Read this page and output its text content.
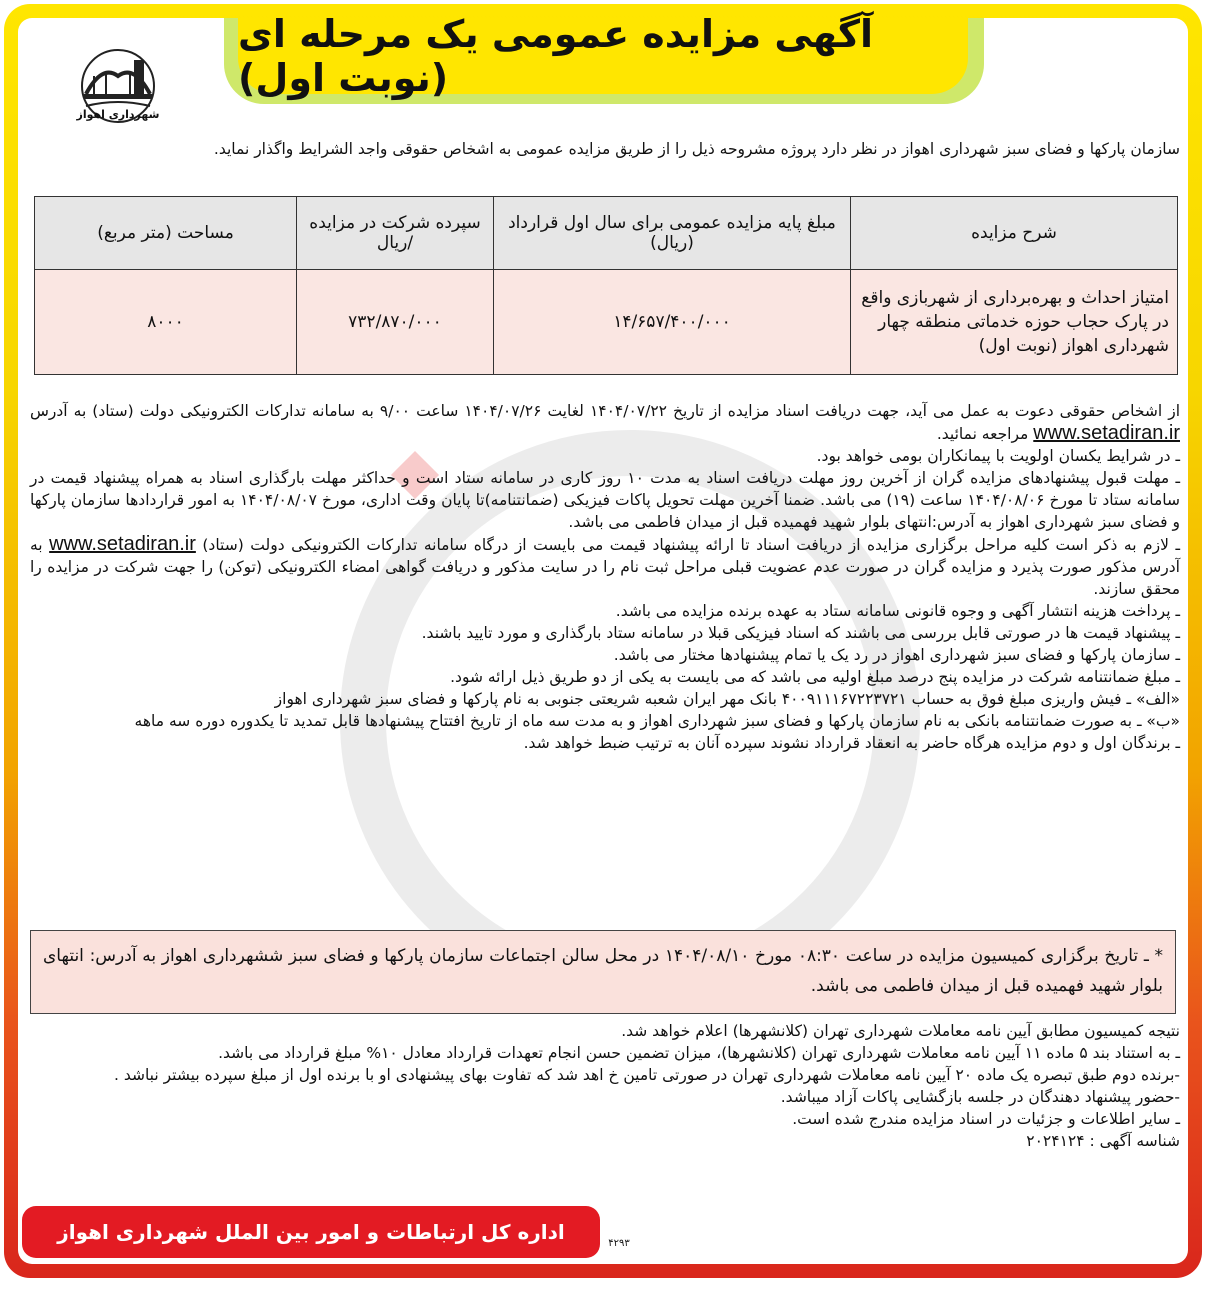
آگهی مزایده عمومی یک مرحله ای (نوبت اول)
شهرداری اهواز
سازمان پارکها و فضای سبز شهرداری اهواز در نظر دارد پروژه مشروحه ذیل را از طریق مزایده عمومی به اشخاص حقوقی واجد الشرایط واگذار نماید.
شرح مزایده	مبلغ پایه مزایده عمومی برای سال اول قرارداد (ریال)	سپرده شرکت در مزایده /ریال	مساحت (متر مربع)
امتیاز احداث و بهره‌برداری از شهربازی واقع در پارک حجاب حوزه خدماتی منطقه چهار شهرداری اهواز (نوبت اول)	۱۴/۶۵۷/۴۰۰/۰۰۰	۷۳۲/۸۷۰/۰۰۰	۸۰۰۰

از اشخاص حقوقی دعوت به عمل می آید، جهت دریافت اسناد مزایده از تاریخ ۱۴۰۴/۰۷/۲۲ لغایت ۱۴۰۴/۰۷/۲۶ ساعت ۹/۰۰ به سامانه تدارکات الکترونیکی دولت (ستاد) به آدرس www.setadiran.ir مراجعه نمائید.

ـ در شرایط یکسان اولویت با پیمانکاران بومی خواهد بود.

ـ مهلت قبول پیشنهادهای مزایده گران از آخرین روز مهلت دریافت اسناد به مدت ۱۰ روز کاری در سامانه ستاد است و حداکثر مهلت بارگذاری اسناد به همراه پیشنهاد قیمت در سامانه ستاد تا مورخ ۱۴۰۴/۰۸/۰۶ ساعت (۱۹) می باشد. ضمنا آخرین مهلت تحویل پاکات فیزیکی (ضمانتنامه)تا پایان وقت اداری، مورخ ۱۴۰۴/۰۸/۰۷ به امور قراردادها سازمان پارکها و فضای سبز شهرداری اهواز به آدرس:انتهای بلوار شهید فهمیده قبل از میدان فاطمی می باشد.

ـ لازم به ذکر است کلیه مراحل برگزاری مزایده از دریافت اسناد تا ارائه پیشنهاد قیمت می بایست از درگاه سامانه تدارکات الکترونیکی دولت (ستاد) www.setadiran.ir به آدرس مذکور صورت پذیرد و مزایده گران در صورت عدم عضویت قبلی مراحل ثبت نام را در سایت مذکور و دریافت گواهی امضاء الکترونیکی (توکن) را جهت شرکت در مزایده را محقق سازند.

ـ پرداخت هزینه انتشار آگهی و وجوه قانونی سامانه ستاد به عهده برنده مزایده می باشد.

ـ پیشنهاد قیمت ها در صورتی قابل بررسی می باشند که اسناد فیزیکی قبلا در سامانه ستاد بارگذاری و مورد تایید باشند.

ـ سازمان پارکها و فضای سبز شهرداری اهواز در رد یک یا تمام پیشنهادها مختار می باشد.

ـ مبلغ ضمانتنامه شرکت در مزایده پنج درصد مبلغ اولیه می باشد که می بایست به یکی از دو طریق ذیل ارائه شود.

«الف» ـ فیش واریزی مبلغ فوق به حساب ۴۰۰۹۱۱۱۶۷۲۲۳۷۲۱ بانک مهر ایران شعبه شریعتی جنوبی به نام پارکها و فضای سبز شهرداری اهواز

«ب» ـ به صورت ضمانتنامه بانکی به نام سازمان پارکها و فضای سبز شهرداری اهواز و به مدت سه ماه از تاریخ افتتاح پیشنهادها قابل تمدید تا یکدوره دوره سه ماهه

ـ برندگان اول و دوم مزایده هرگاه حاضر به انعقاد قرارداد نشوند سپرده آنان به ترتیب ضبط خواهد شد.

* ـ تاریخ برگزاری کمیسیون مزایده در ساعت ۰۸:۳۰ مورخ ۱۴۰۴/۰۸/۱۰ در محل سالن اجتماعات سازمان پارکها و فضای سبز ششهرداری اهواز به آدرس: انتهای بلوار شهید فهمیده قبل از میدان فاطمی می باشد.

نتیجه کمیسیون مطابق آیین نامه معاملات شهرداری تهران (کلانشهرها) اعلام خواهد شد.

ـ به استناد بند ۵ ماده ۱۱ آیین نامه معاملات شهرداری تهران (کلانشهرها)، میزان تضمین حسن انجام تعهدات قرارداد معادل ۱۰% مبلغ قرارداد می باشد.

-برنده دوم طبق تبصره یک ماده ۲۰ آیین نامه معاملات شهرداری تهران در صورتی تامین خ اهد شد که تفاوت بهای پیشنهادی او با برنده اول از مبلغ سپرده بیشتر نباشد .

-حضور پیشنهاد دهندگان در جلسه بازگشایی پاکات آزاد میباشد.

ـ سایر اطلاعات و جزئیات در اسناد مزایده مندرج شده است.

شناسه آگهی : ۲۰۲۴۱۲۴

اداره کل ارتباطات و امور بین الملل شهرداری اهواز	۴۲۹۳
